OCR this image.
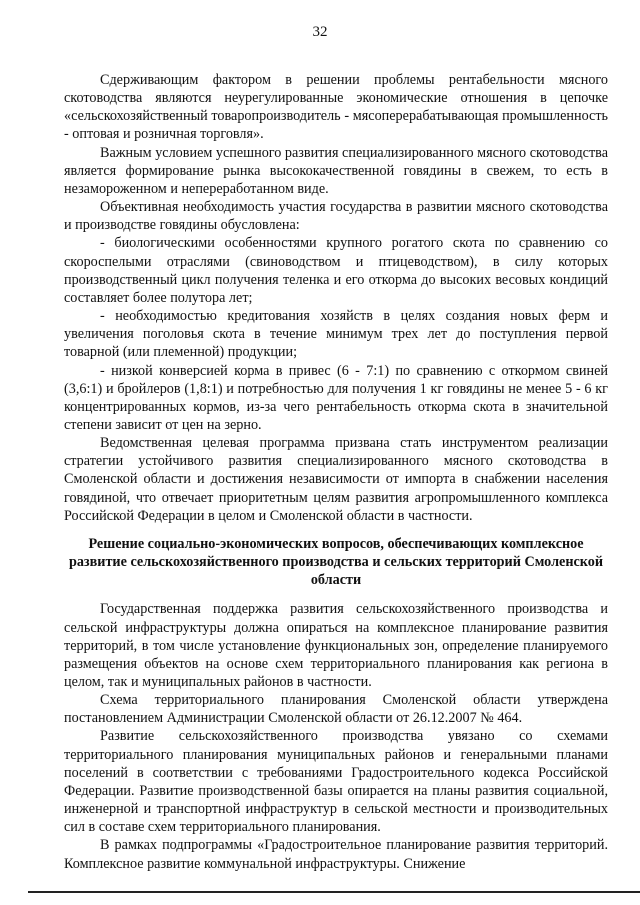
32

Сдерживающим фактором в решении проблемы рентабельности мясного скотоводства являются неурегулированные экономические отношения в цепочке «сельскохозяйственный товаропроизводитель - мясоперерабатывающая промышленность - оптовая и розничная торговля».

Важным условием успешного развития специализированного мясного скотоводства является формирование рынка высококачественной говядины в свежем, то есть в незамороженном и непереработанном виде.

Объективная необходимость участия государства в развитии мясного скотоводства и производстве говядины обусловлена:

- биологическими особенностями крупного рогатого скота по сравнению со скороспелыми отраслями (свиноводством и птицеводством), в силу которых производственный цикл получения теленка и его откорма до высоких весовых кондиций составляет более полутора лет;

- необходимостью кредитования хозяйств в целях создания новых ферм и увеличения поголовья скота в течение минимум трех лет до поступления первой товарной (или племенной) продукции;

- низкой конверсией корма в привес (6 - 7:1) по сравнению с откормом свиней (3,6:1) и бройлеров (1,8:1) и потребностью для получения 1 кг говядины не менее 5 - 6 кг концентрированных кормов, из-за чего рентабельность откорма скота в значительной степени зависит от цен на зерно.

Ведомственная целевая программа призвана стать инструментом реализации стратегии устойчивого развития специализированного мясного скотоводства в Смоленской области и достижения независимости от импорта в снабжении населения говядиной, что отвечает приоритетным целям развития агропромышленного комплекса Российской Федерации в целом и Смоленской области в частности.

Решение социально-экономических вопросов, обеспечивающих комплексное развитие сельскохозяйственного производства и сельских территорий Смоленской области

Государственная поддержка развития сельскохозяйственного производства и сельской инфраструктуры должна опираться на комплексное планирование развития территорий, в том числе установление функциональных зон, определение планируемого размещения объектов на основе схем территориального планирования как региона в целом, так и муниципальных районов в частности.

Схема территориального планирования Смоленской области утверждена постановлением Администрации Смоленской области от 26.12.2007 № 464.

Развитие сельскохозяйственного производства увязано со схемами территориального планирования муниципальных районов и генеральными планами поселений в соответствии с требованиями Градостроительного кодекса Российской Федерации. Развитие производственной базы опирается на планы развития социальной, инженерной и транспортной инфраструктур в сельской местности и производительных сил в составе схем территориального планирования.

В рамках подпрограммы «Градостроительное планирование развития территорий. Комплексное развитие коммунальной инфраструктуры. Снижение
